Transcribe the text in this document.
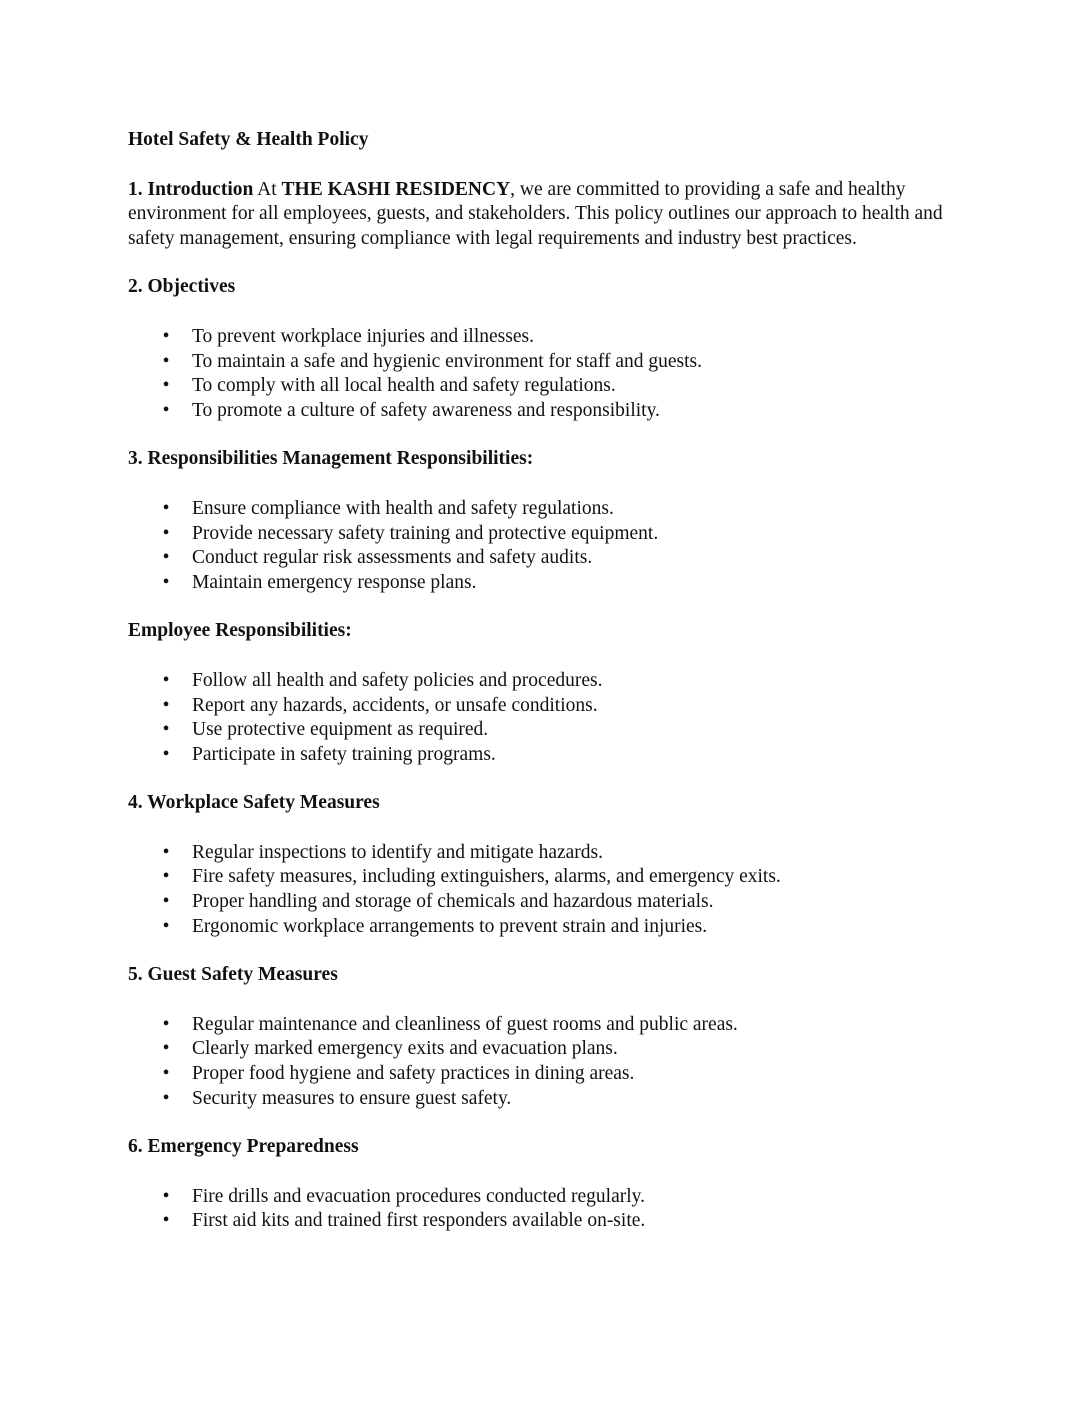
Hotel Safety & Health Policy

1. Introduction At THE KASHI RESIDENCY, we are committed to providing a safe and healthy environment for all employees, guests, and stakeholders. This policy outlines our approach to health and safety management, ensuring compliance with legal requirements and industry best practices.

2. Objectives
• To prevent workplace injuries and illnesses.
• To maintain a safe and hygienic environment for staff and guests.
• To comply with all local health and safety regulations.
• To promote a culture of safety awareness and responsibility.
3. Responsibilities Management Responsibilities:
• Ensure compliance with health and safety regulations.
• Provide necessary safety training and protective equipment.
• Conduct regular risk assessments and safety audits.
• Maintain emergency response plans.
Employee Responsibilities:
• Follow all health and safety policies and procedures.
• Report any hazards, accidents, or unsafe conditions.
• Use protective equipment as required.
• Participate in safety training programs.
4. Workplace Safety Measures
• Regular inspections to identify and mitigate hazards.
• Fire safety measures, including extinguishers, alarms, and emergency exits.
• Proper handling and storage of chemicals and hazardous materials.
• Ergonomic workplace arrangements to prevent strain and injuries.
5. Guest Safety Measures
• Regular maintenance and cleanliness of guest rooms and public areas.
• Clearly marked emergency exits and evacuation plans.
• Proper food hygiene and safety practices in dining areas.
• Security measures to ensure guest safety.
6. Emergency Preparedness
• Fire drills and evacuation procedures conducted regularly.
• First aid kits and trained first responders available on-site.
